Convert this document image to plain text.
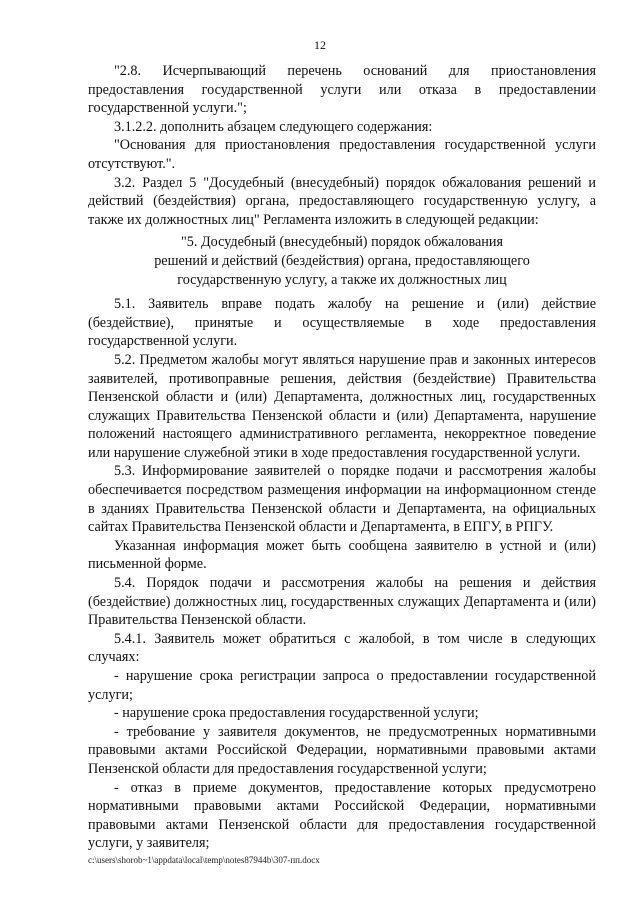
12

"2.8. Исчерпывающий перечень оснований для приостановления предоставления государственной услуги или отказа в предоставлении государственной услуги.";

3.1.2.2. дополнить абзацем следующего содержания:

"Основания для приостановления предоставления государственной услуги отсутствуют.".

3.2. Раздел 5 "Досудебный (внесудебный) порядок обжалования решений и действий (бездействия) органа, предоставляющего государственную услугу, а также их должностных лиц" Регламента изложить в следующей редакции:

"5. Досудебный (внесудебный) порядок обжалования
решений и действий (бездействия) органа, предоставляющего
государственную услугу, а также их должностных лиц

5.1. Заявитель вправе подать жалобу на решение и (или) действие (бездействие), принятые и осуществляемые в ходе предоставления государственной услуги.

5.2. Предметом жалобы могут являться нарушение прав и законных интересов заявителей, противоправные решения, действия (бездействие) Правительства Пензенской области и (или) Департамента, должностных лиц, государственных служащих Правительства Пензенской области и (или) Департамента, нарушение положений настоящего административного регламента, некорректное поведение или нарушение служебной этики в ходе предоставления государственной услуги.

5.3. Информирование заявителей о порядке подачи и рассмотрения жалобы обеспечивается посредством размещения информации на информационном стенде в зданиях Правительства Пензенской области и Департамента, на официальных сайтах Правительства Пензенской области и Департамента, в ЕПГУ, в РПГУ.

Указанная информация может быть сообщена заявителю в устной и (или) письменной форме.

5.4. Порядок подачи и рассмотрения жалобы на решения и действия (бездействие) должностных лиц, государственных служащих Департамента и (или) Правительства Пензенской области.

5.4.1. Заявитель может обратиться с жалобой, в том числе в следующих случаях:

- нарушение срока регистрации запроса о предоставлении государственной услуги;

- нарушение срока предоставления государственной услуги;

- требование у заявителя документов, не предусмотренных нормативными правовыми актами Российской Федерации, нормативными правовыми актами Пензенской области для предоставления государственной услуги;

- отказ в приеме документов, предоставление которых предусмотрено нормативными правовыми актами Российской Федерации, нормативными правовыми актами Пензенской области для предоставления государственной услуги, у заявителя;

c:\users\shorob~1\appdata\local\temp\notes87944b\307-пп.docx
